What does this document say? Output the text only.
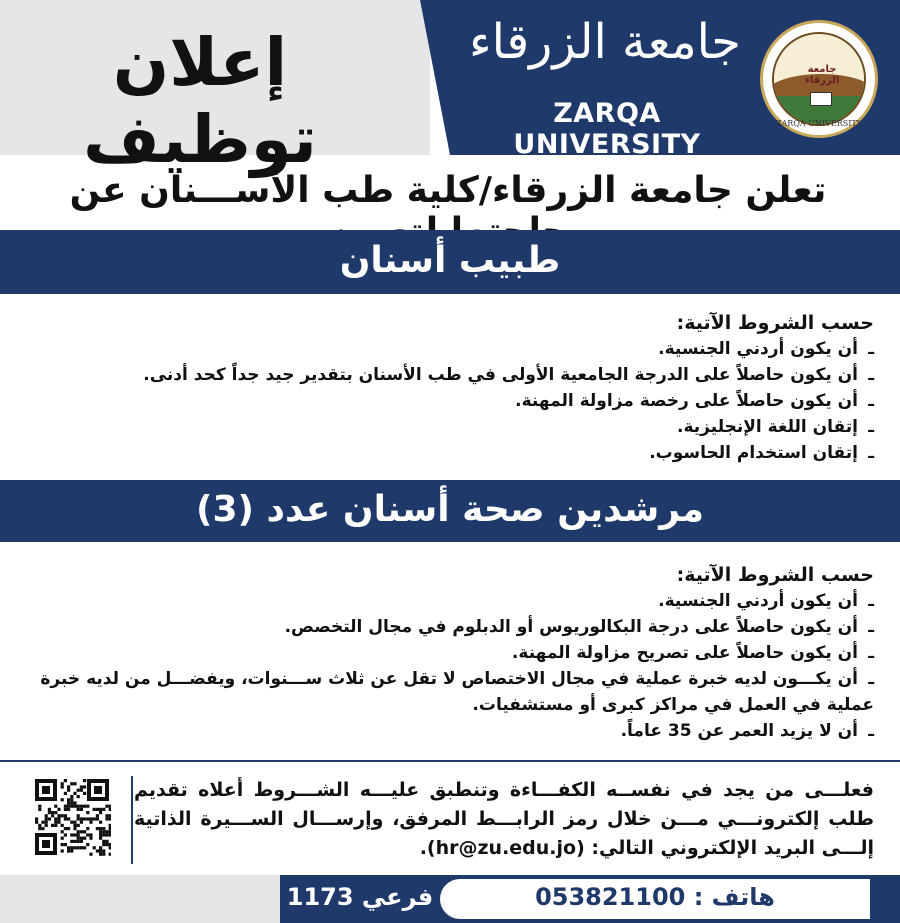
إعلان توظيف
جامعة الزرقاء
ZARQA UNIVERSITY
جامعة الزرقاء
ZARQA UNIVERSITY
تعلن جامعة الزرقاء/كلية طب الأســـنان عن
طبيب أسنان
حسب الشروط الآتية:
ـأن يكون أردني الجنسية.
ـأن يكون حاصلاً على الدرجة الجامعية الأولى في طب الأسنان بتقدير جيد جداً كحد أدنى.
ـأن يكون حاصلاً على رخصة مزاولة المهنة.
ـإتقان اللغة الإنجليزية.
ـإتقان استخدام الحاسوب.
مرشدين صحة أسنان عدد (3)
حسب الشروط الآتية:
ـأن يكون أردني الجنسية.
ـأن يكون حاصلاً على درجة البكالوريوس أو الدبلوم في مجال التخصص.
ـأن يكون حاصلاً على تصريح مزاولة المهنة.
ـأن يكـــون لديه خبرة عملية في مجال الاختصاص لا تقل عن ثلاث ســـنوات، ويفضـــل من لديه خبرة عملية في العمل في مراكز كبرى أو مستشفيات.
ـأن لا يزيد العمر عن 35 عاماً.
فعلـــى من يجد في نفســه الكفـــاءة وتنطبق عليـــه الشـــروط أعلاه تقديم طلب إلكترونـــي مـــن خلال رمز الرابـــط المرفق، وإرســـال الســـيرة الذاتية إلـــى البريد الإلكتروني التالي: (hr@zu.edu.jo).
هاتف : 053821100
فرعي 1173
